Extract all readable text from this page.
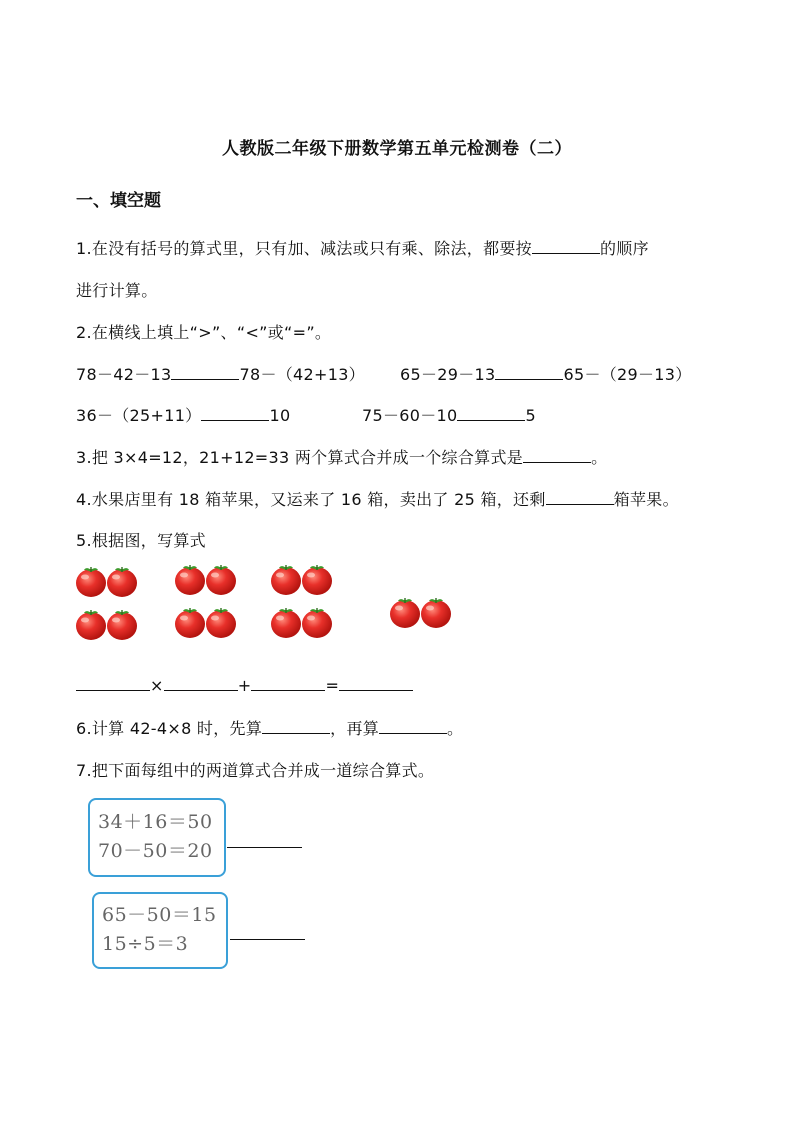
人教版二年级下册数学第五单元检测卷（二）
一、填空题
1.在没有括号的算式里，只有加、减法或只有乘、除法，都要按	的顺序
进行计算。
2.在横线上填上“>”、“<”或“=”。
78－42－13	78－（42+13） 65－29－13	65－（29－13）
36－（25+11）	10	75－60－10	5
3.把 3×4=12，21+12=33 两个算式合并成一个综合算式是	。
4.水果店里有 18 箱苹果，又运来了 16 箱，卖出了 25 箱，还剩	箱苹果。
5.根据图，写算式
×	+	=
6.计算 42-4×8 时，先算	，再算	。
7.把下面每组中的两道算式合并成一道综合算式。
34＋16＝50
70－50＝20
65－50＝15
15÷5＝3
